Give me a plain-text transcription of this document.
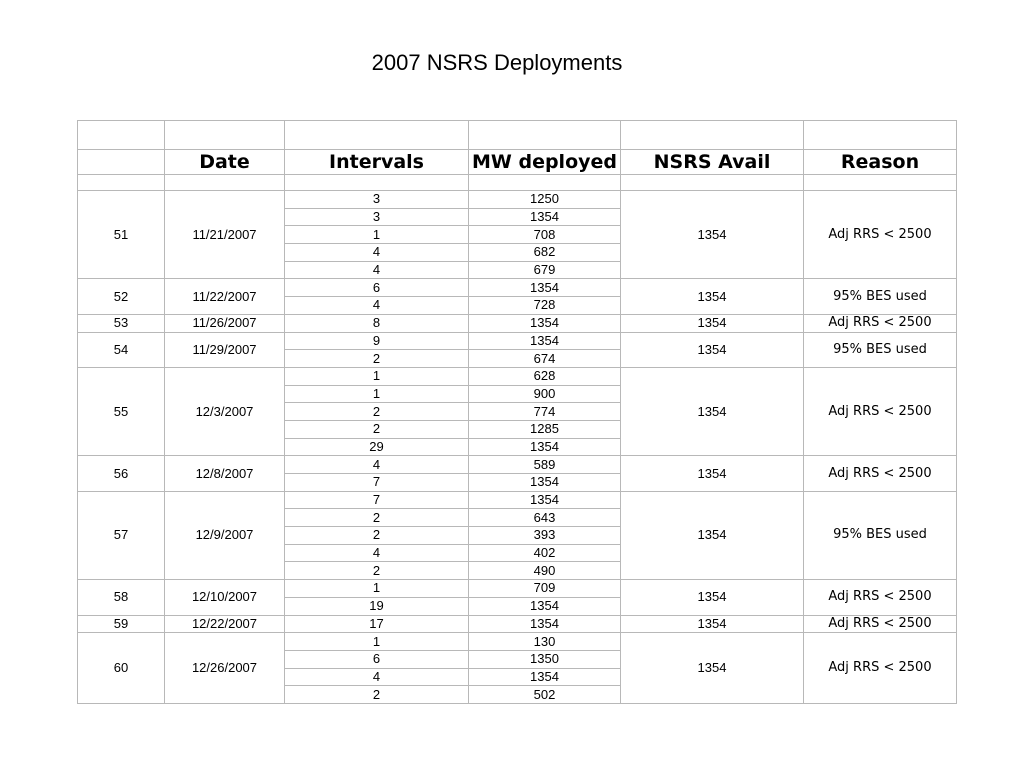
2007 NSRS Deployments

	Date	Intervals	MW deployed	NSRS Avail	Reason

51	11/21/2007	3	1250	1354	Adj RRS < 2500
		3	1354		
		1	708		
		4	682		
		4	679		
52	11/22/2007	6	1354	1354	95% BES used
		4	728		
53	11/26/2007	8	1354	1354	Adj RRS < 2500
54	11/29/2007	9	1354	1354	95% BES used
		2	674		
55	12/3/2007	1	628	1354	Adj RRS < 2500
		1	900		
		2	774		
		2	1285		
		29	1354		
56	12/8/2007	4	589	1354	Adj RRS < 2500
		7	1354		
57	12/9/2007	7	1354	1354	95% BES used
		2	643		
		2	393		
		4	402		
		2	490		
58	12/10/2007	1	709	1354	Adj RRS < 2500
		19	1354		
59	12/22/2007	17	1354	1354	Adj RRS < 2500
60	12/26/2007	1	130	1354	Adj RRS < 2500
		6	1350		
		4	1354		
		2	502		
